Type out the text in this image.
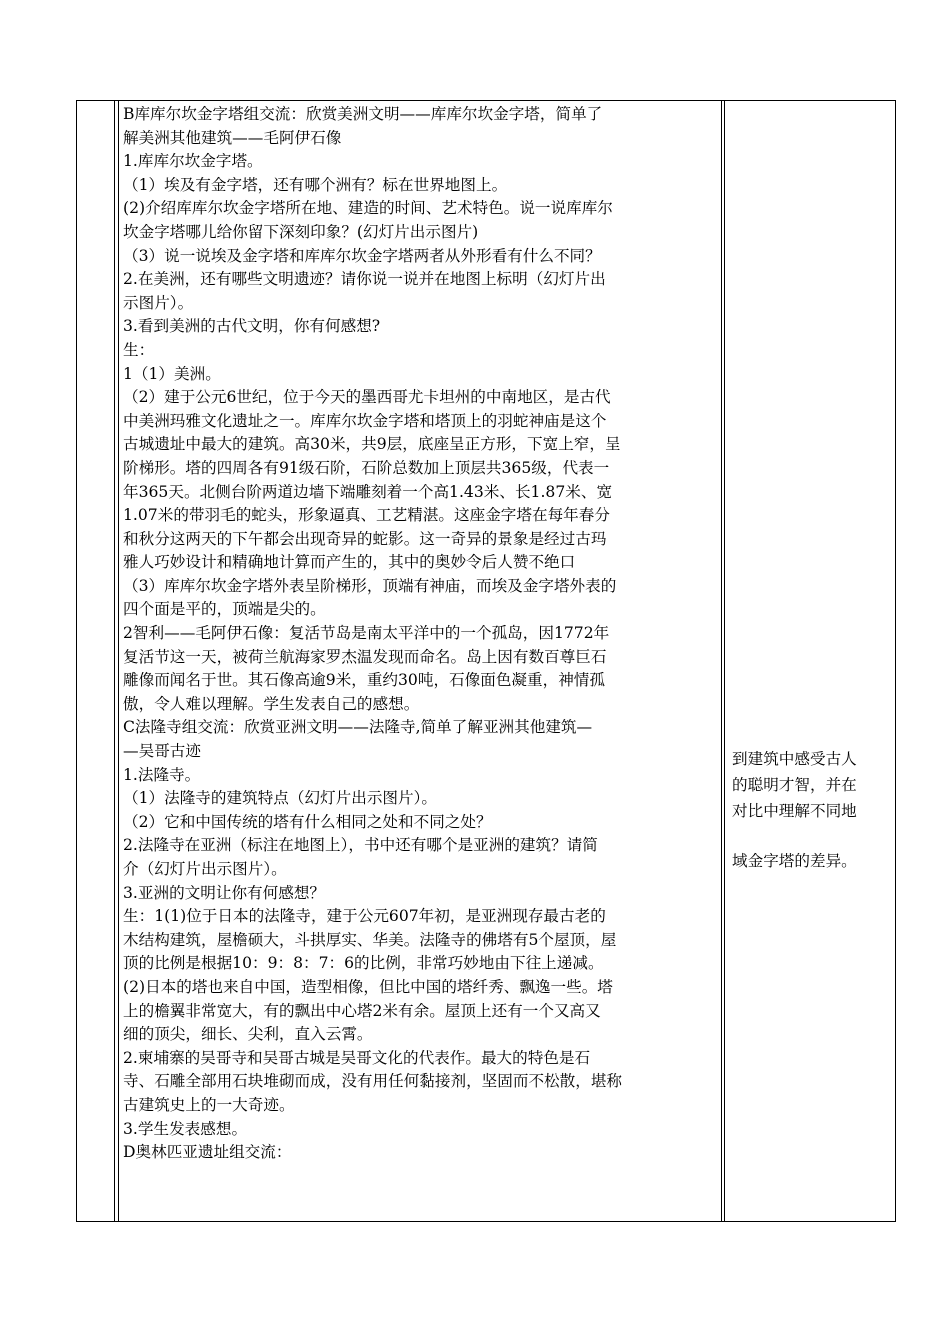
B库库尔坎金字塔组交流：欣赏美洲文明——库库尔坎金字塔，简单了
解美洲其他建筑——毛阿伊石像
1.库库尔坎金字塔。
（1）埃及有金字塔，还有哪个洲有？标在世界地图上。
(2)介绍库库尔坎金字塔所在地、建造的时间、艺术特色。说一说库库尔
坎金字塔哪儿给你留下深刻印象？(幻灯片出示图片)
（3）说一说埃及金字塔和库库尔坎金字塔两者从外形看有什么不同？
2.在美洲，还有哪些文明遗迹？请你说一说并在地图上标明（幻灯片出
示图片）。
3.看到美洲的古代文明，你有何感想?
生：
1（1）美洲。
（2）建于公元6世纪，位于今天的墨西哥尤卡坦州的中南地区，是古代
中美洲玛雅文化遗址之一。库库尔坎金字塔和塔顶上的羽蛇神庙是这个
古城遗址中最大的建筑。高30米，共9层，底座呈正方形，下宽上窄，呈
阶梯形。塔的四周各有91级石阶，石阶总数加上顶层共365级，代表一
年365天。北侧台阶两道边墙下端雕刻着一个高1.43米、长1.87米、宽
1.07米的带羽毛的蛇头，形象逼真、工艺精湛。这座金字塔在每年春分
和秋分这两天的下午都会出现奇异的蛇影。这一奇异的景象是经过古玛
雅人巧妙设计和精确地计算而产生的，其中的奥妙令后人赞不绝口
（3）库库尔坎金字塔外表呈阶梯形，顶端有神庙，而埃及金字塔外表的
四个面是平的，顶端是尖的。
2智利——毛阿伊石像：复活节岛是南太平洋中的一个孤岛，因1772年
复活节这一天，被荷兰航海家罗杰温发现而命名。岛上因有数百尊巨石
雕像而闻名于世。其石像高逾9米，重约30吨，石像面色凝重，神情孤
傲，令人难以理解。学生发表自己的感想。
C法隆寺组交流：欣赏亚洲文明——法隆寺,简单了解亚洲其他建筑—
—吴哥古迹
1.法隆寺。
（1）法隆寺的建筑特点（幻灯片出示图片）。
（2）它和中国传统的塔有什么相同之处和不同之处？
2.法隆寺在亚洲（标注在地图上），书中还有哪个是亚洲的建筑？请简
介（幻灯片出示图片）。
3.亚洲的文明让你有何感想？
生：1(1)位于日本的法隆寺，建于公元607年初，是亚洲现存最古老的
木结构建筑，屋檐硕大，斗拱厚实、华美。法隆寺的佛塔有5个屋顶，屋
顶的比例是根据10：9：8：7：6的比例，非常巧妙地由下往上递减。
(2)日本的塔也来自中国，造型相像，但比中国的塔纤秀、飘逸一些。塔
上的檐翼非常宽大，有的飘出中心塔2米有余。屋顶上还有一个又高又
细的顶尖，细长、尖利，直入云霄。
2.柬埔寨的吴哥寺和吴哥古城是吴哥文化的代表作。最大的特色是石
寺、石雕全部用石块堆砌而成，没有用任何黏接剂，坚固而不松散，堪称
古建筑史上的一大奇迹。
3.学生发表感想。
D奥林匹亚遗址组交流：
到建筑中感受古人
的聪明才智，并在
对比中理解不同地
域金字塔的差异。
